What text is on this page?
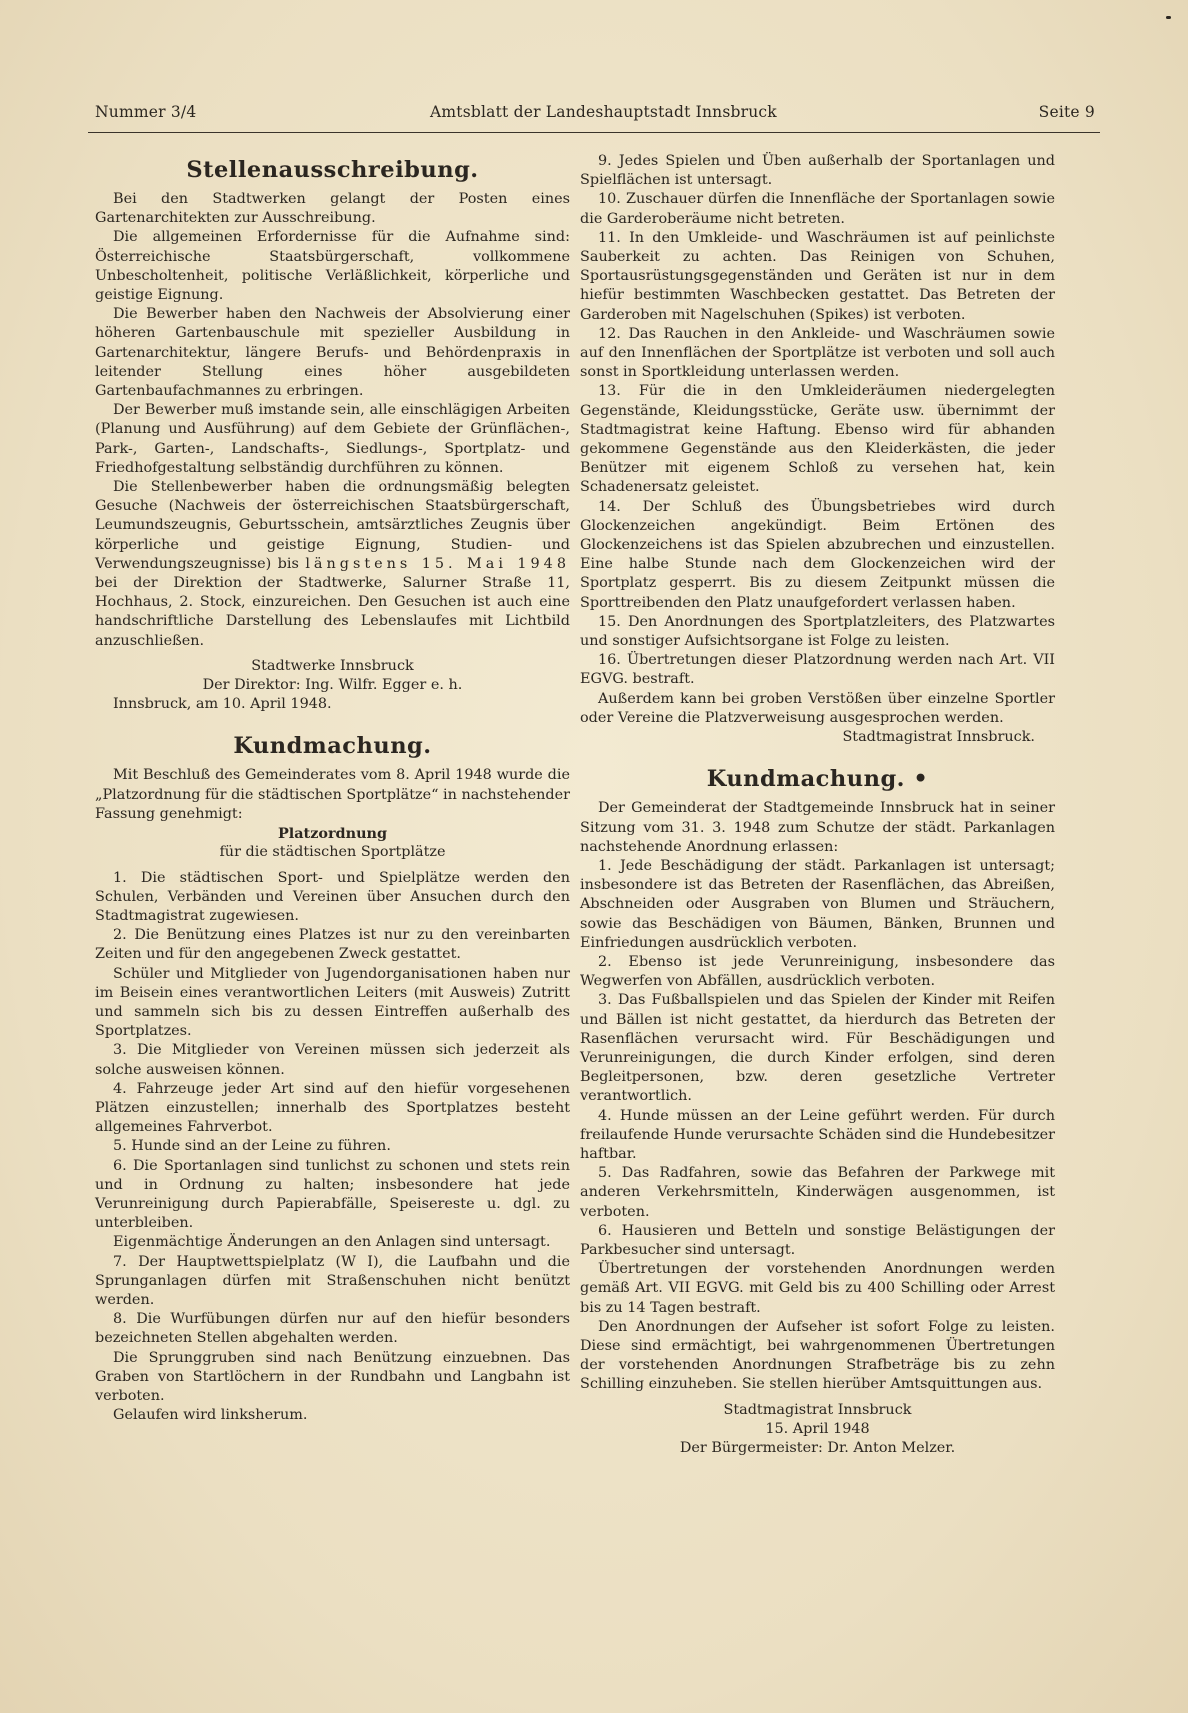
Nummer 3/4	Amtsblatt der Landeshauptstadt Innsbruck	Seite 9
Stellenausschreibung.

Bei den Stadtwerken gelangt der Posten eines Gartenarchitekten zur Ausschreibung.

Die allgemeinen Erfordernisse für die Aufnahme sind: Österreichische Staatsbürgerschaft, vollkommene Unbescholtenheit, politische Verläßlichkeit, körperliche und geistige Eignung.

Die Bewerber haben den Nachweis der Absolvierung einer höheren Gartenbauschule mit spezieller Ausbildung in Gartenarchitektur, längere Berufs- und Behördenpraxis in leitender Stellung eines höher ausgebildeten Gartenbaufachmannes zu erbringen.

Der Bewerber muß imstande sein, alle einschlägigen Arbeiten (Planung und Ausführung) auf dem Gebiete der Grünflächen-, Park-, Garten-, Landschafts-, Siedlungs-, Sportplatz- und Friedhofgestaltung selbständig durchführen zu können.

Die Stellenbewerber haben die ordnungsmäßig belegten Gesuche (Nachweis der österreichischen Staatsbürgerschaft, Leumundszeugnis, Geburtsschein, amtsärztliches Zeugnis über körperliche und geistige Eignung, Studien- und Verwendungszeugnisse) bis längstens 15. Mai 1948 bei der Direktion der Stadtwerke, Salurner Straße 11, Hochhaus, 2. Stock, einzureichen. Den Gesuchen ist auch eine handschriftliche Darstellung des Lebenslaufes mit Lichtbild anzuschließen.

Stadtwerke Innsbruck

Der Direktor: Ing. Wilfr. Egger e. h.

Innsbruck, am 10. April 1948.

Kundmachung.

Mit Beschluß des Gemeinderates vom 8. April 1948 wurde die „Platzordnung für die städtischen Sportplätze“ in nachstehender Fassung genehmigt:

Platzordnung

für die städtischen Sportplätze

1. Die städtischen Sport- und Spielplätze werden den Schulen, Verbänden und Vereinen über Ansuchen durch den Stadtmagistrat zugewiesen.

2. Die Benützung eines Platzes ist nur zu den vereinbarten Zeiten und für den angegebenen Zweck gestattet.

Schüler und Mitglieder von Jugendorganisationen haben nur im Beisein eines verantwortlichen Leiters (mit Ausweis) Zutritt und sammeln sich bis zu dessen Eintreffen außerhalb des Sportplatzes.

3. Die Mitglieder von Vereinen müssen sich jederzeit als solche ausweisen können.

4. Fahrzeuge jeder Art sind auf den hiefür vorgesehenen Plätzen einzustellen; innerhalb des Sportplatzes besteht allgemeines Fahrverbot.

5. Hunde sind an der Leine zu führen.

6. Die Sportanlagen sind tunlichst zu schonen und stets rein und in Ordnung zu halten; insbesondere hat jede Verunreinigung durch Papierabfälle, Speisereste u. dgl. zu unterbleiben.

Eigenmächtige Änderungen an den Anlagen sind untersagt.

7. Der Hauptwettspielplatz (W I), die Laufbahn und die Sprunganlagen dürfen mit Straßenschuhen nicht benützt werden.

8. Die Wurfübungen dürfen nur auf den hiefür besonders bezeichneten Stellen abgehalten werden.

Die Sprunggruben sind nach Benützung einzuebnen. Das Graben von Startlöchern in der Rundbahn und Langbahn ist verboten.

Gelaufen wird linksherum.

9. Jedes Spielen und Üben außerhalb der Sportanlagen und Spielflächen ist untersagt.

10. Zuschauer dürfen die Innenfläche der Sportanlagen sowie die Garderoberäume nicht betreten.

11. In den Umkleide- und Waschräumen ist auf peinlichste Sauberkeit zu achten. Das Reinigen von Schuhen, Sportausrüstungsgegenständen und Geräten ist nur in dem hiefür bestimmten Waschbecken gestattet. Das Betreten der Garderoben mit Nagelschuhen (Spikes) ist verboten.

12. Das Rauchen in den Ankleide- und Waschräumen sowie auf den Innenflächen der Sportplätze ist verboten und soll auch sonst in Sportkleidung unterlassen werden.

13. Für die in den Umkleideräumen niedergelegten Gegenstände, Kleidungsstücke, Geräte usw. übernimmt der Stadtmagistrat keine Haftung. Ebenso wird für abhanden gekommene Gegenstände aus den Kleiderkästen, die jeder Benützer mit eigenem Schloß zu versehen hat, kein Schadenersatz geleistet.

14. Der Schluß des Übungsbetriebes wird durch Glockenzeichen angekündigt. Beim Ertönen des Glockenzeichens ist das Spielen abzubrechen und einzustellen. Eine halbe Stunde nach dem Glockenzeichen wird der Sportplatz gesperrt. Bis zu diesem Zeitpunkt müssen die Sporttreibenden den Platz unaufgefordert verlassen haben.

15. Den Anordnungen des Sportplatzleiters, des Platzwartes und sonstiger Aufsichtsorgane ist Folge zu leisten.

16. Übertretungen dieser Platzordnung werden nach Art. VII EGVG. bestraft.

Außerdem kann bei groben Verstößen über einzelne Sportler oder Vereine die Platzverweisung ausgesprochen werden.

Stadtmagistrat Innsbruck.

Kundmachung. •

Der Gemeinderat der Stadtgemeinde Innsbruck hat in seiner Sitzung vom 31. 3. 1948 zum Schutze der städt. Parkanlagen nachstehende Anordnung erlassen:

1. Jede Beschädigung der städt. Parkanlagen ist untersagt; insbesondere ist das Betreten der Rasenflächen, das Abreißen, Abschneiden oder Ausgraben von Blumen und Sträuchern, sowie das Beschädigen von Bäumen, Bänken, Brunnen und Einfriedungen ausdrücklich verboten.

2. Ebenso ist jede Verunreinigung, insbesondere das Wegwerfen von Abfällen, ausdrücklich verboten.

3. Das Fußballspielen und das Spielen der Kinder mit Reifen und Bällen ist nicht gestattet, da hierdurch das Betreten der Rasenflächen verursacht wird. Für Beschädigungen und Verunreinigungen, die durch Kinder erfolgen, sind deren Begleitpersonen, bzw. deren gesetzliche Vertreter verantwortlich.

4. Hunde müssen an der Leine geführt werden. Für durch freilaufende Hunde verursachte Schäden sind die Hundebesitzer haftbar.

5. Das Radfahren, sowie das Befahren der Parkwege mit anderen Verkehrsmitteln, Kinderwägen ausgenommen, ist verboten.

6. Hausieren und Betteln und sonstige Belästigungen der Parkbesucher sind untersagt.

Übertretungen der vorstehenden Anordnungen werden gemäß Art. VII EGVG. mit Geld bis zu 400 Schilling oder Arrest bis zu 14 Tagen bestraft.

Den Anordnungen der Aufseher ist sofort Folge zu leisten. Diese sind ermächtigt, bei wahrgenommenen Übertretungen der vorstehenden Anordnungen Strafbeträge bis zu zehn Schilling einzuheben. Sie stellen hierüber Amtsquittungen aus.

Stadtmagistrat Innsbruck

15. April 1948

Der Bürgermeister: Dr. Anton Melzer.
